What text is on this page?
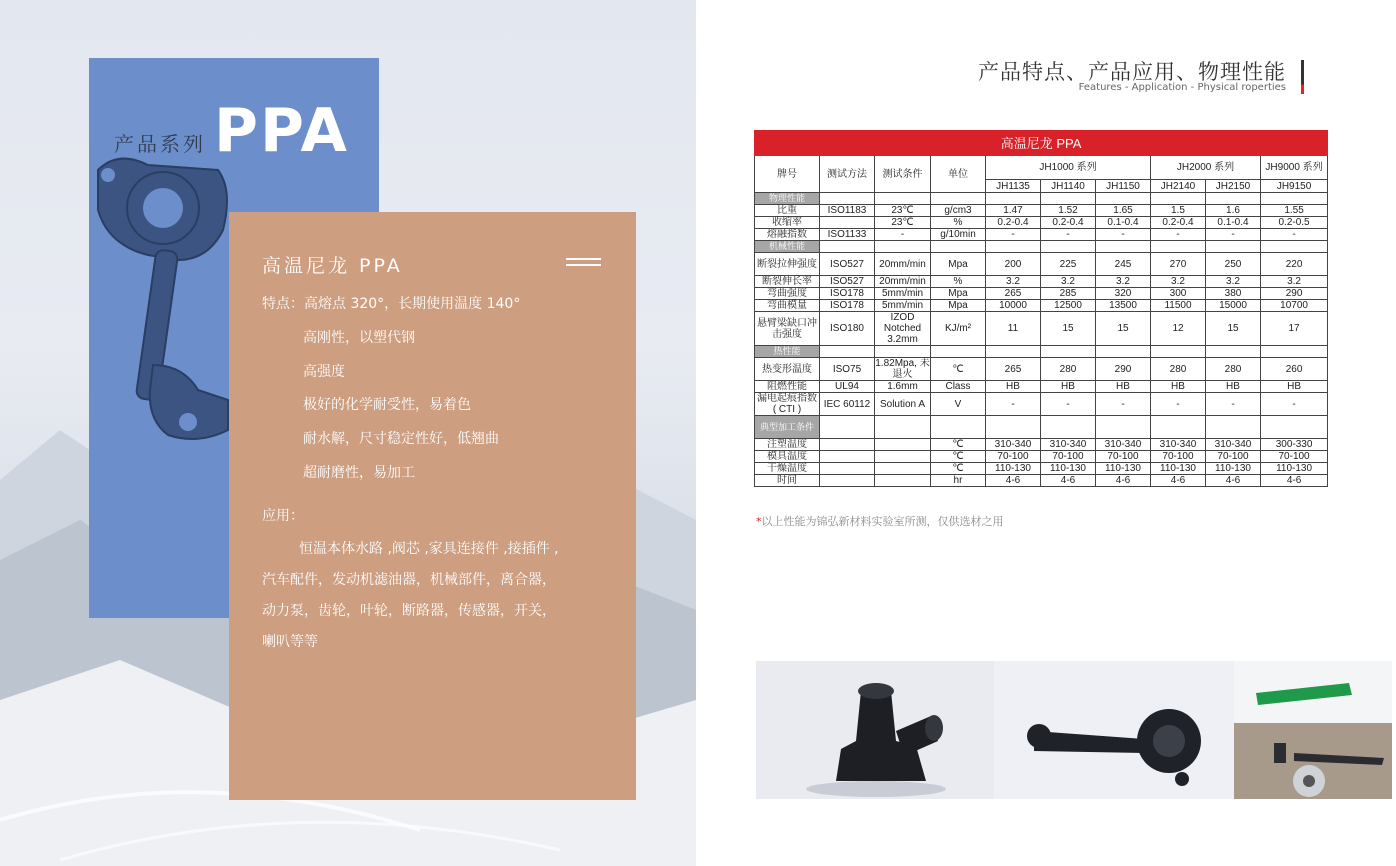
产品系列 PPA
高温尼龙 PPA
特点：高熔点 320°，长期使用温度 140°
高刚性，以塑代钢
高强度
极好的化学耐受性，易着色
耐水解，尺寸稳定性好，低翘曲
超耐磨性，易加工
应用：
恒温本体水路 ,阀芯 ,家具连接件 ,接插件 ,
汽车配件，发动机滤油器，机械部件，离合器，
动力泵，齿轮，叶轮，断路器，传感器，开关，
喇叭等等
产品特点、产品应用、物理性能
Features - Application - Physical roperties
高温尼龙 PPA									
牌号	测试方法	测试条件	单位	JH1000 系列			JH2000 系列		JH9000 系列
				JH1135	JH1140	JH1150	JH2140	JH2150	JH9150
物理性能									
比重	ISO1183	23℃	g/cm3	1.47	1.52	1.65	1.5	1.6	1.55
收缩率		23℃	%	0.2-0.4	0.2-0.4	0.1-0.4	0.2-0.4	0.1-0.4	0.2-0.5
熔融指数	ISO1133	-	g/10min	-	-	-	-	-	-
机械性能									
断裂拉伸强度	ISO527	20mm/min	Mpa	200	225	245	270	250	220
断裂伸长率	ISO527	20mm/min	%	3.2	3.2	3.2	3.2	3.2	3.2
弯曲强度	ISO178	5mm/min	Mpa	265	285	320	300	380	290
弯曲模量	ISO178	5mm/min	Mpa	10000	12500	13500	11500	15000	10700
悬臂梁缺口冲击强度	ISO180	IZOD Notched 3.2mm	KJ/m²	11	15	15	12	15	17
热性能									
热变形温度	ISO75	1.82Mpa, 未退火	℃	265	280	290	280	280	260
阻燃性能	UL94	1.6mm	Class	HB	HB	HB	HB	HB	HB
漏电起痕指数 ( CTI )	IEC 60112	Solution A	V	-	-	-	-	-	-
典型加工条件									
注塑温度			℃	310-340	310-340	310-340	310-340	310-340	300-330
模具温度			℃	70-100	70-100	70-100	70-100	70-100	70-100
干燥温度			℃	110-130	110-130	110-130	110-130	110-130	110-130
时间			hr	4-6	4-6	4-6	4-6	4-6	4-6
*以上性能为锦弘新材料实验室所测，仅供选材之用
